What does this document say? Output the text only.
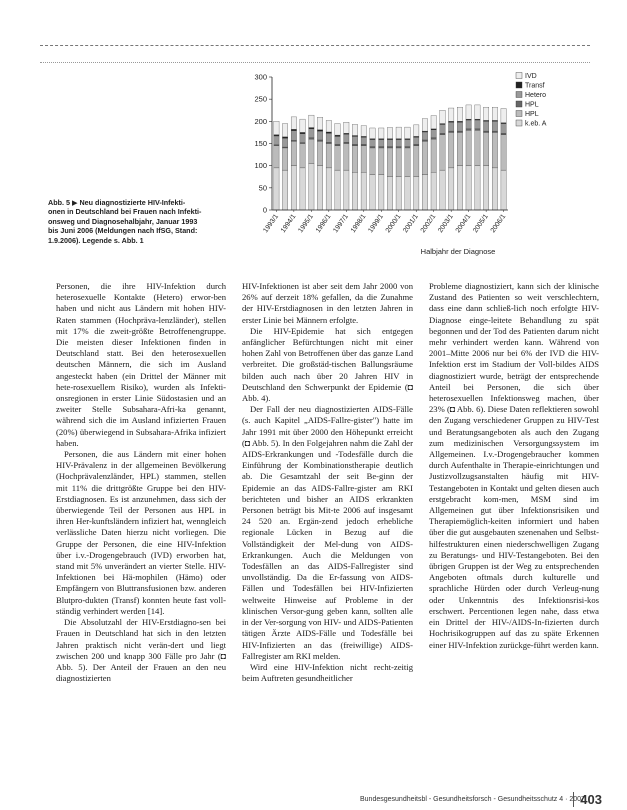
Abb. 5 ▶ Neu diagnostizierte HIV-Infekti-

onen in Deutschland bei Frauen nach Infekti-

onsweg und Diagnosehalbjahr, Januar 1993

bis Juni 2006 (Meldungen nach IfSG, Stand:

1.9.2006). Legende s. Abb. 1

0
50
100
150
200
250
300
1993/1 1994/1 1995/1 1996/1 1997/1 1998/1 1999/1 2000/1 2001/1 2002/1 2003/1 2004/1 2005/1 2006/1
IVD
Transf
Hetero
HPL
HPL
k.eb. A
Halbjahr der Diagnose

Personen, die ihre HIV-Infektion durch heterosexuelle Kontakte (Hetero) erwor-ben haben und nicht aus Ländern mit hohen HIV-Raten stammen (Hochpräva-lenzländer), stellen mit 17% die zweit-größte Betroffenengruppe. Die meisten dieser Infektionen finden in Deutschland statt. Bei den heterosexuellen deutschen Männern, die sich im Ausland angesteckt haben (ein Drittel der Männer mit hete-rosexuellem Risiko), wurden als Infekti-onsregionen in erster Linie Südostasien und an zweiter Stelle Subsahara-Afri-ka genannt, während sich die im Ausland infizierten Frauen (20%) überwiegend in Subsahara-Afrika infiziert haben.

Personen, die aus Ländern mit einer hohen HIV-Prävalenz in der allgemeinen Bevölkerung (Hochprävalenzländer, HPL) stammen, stellen mit 11% die drittgrößte Gruppe bei den HIV-Erstdiagnosen. Es ist anzunehmen, dass sich der überwiegende Teil der Personen aus HPL in ihren Her-kunftsländern infiziert hat, wenngleich verlässliche Daten hierzu nicht vorliegen. Die Gruppe der Personen, die eine HIV-Infektion über i.v.-Drogengebrauch (IVD) erworben hat, stand mit 5% unverändert an vierter Stelle. HIV-Infektionen bei Hä-mophilen (Hämo) oder Empfängern von Bluttransfusionen bzw. anderen Blutpro-dukten (Transf) konnten heute fast voll-ständig verhindert werden [14].

Die Absolutzahl der HIV-Erstdiagno-sen bei Frauen in Deutschland hat sich in den letzten Jahren praktisch nicht verän-dert und liegt zwischen 200 und knapp 300 Fälle pro Jahr (◘ Abb. 5). Der Anteil der Frauen an den neu diagnostizierten

HIV-Infektionen ist aber seit dem Jahr 2000 von 26% auf derzeit 18% gefallen, da die Zunahme der HIV-Erstdiagnosen in den letzten Jahren in erster Linie bei Männern erfolgte.

Die HIV-Epidemie hat sich entgegen anfänglicher Befürchtungen nicht mit einer hohen Zahl von Betroffenen über das ganze Land verbreitet. Die großstäd-tischen Ballungsräume bilden auch nach über 20 Jahren HIV in Deutschland den Schwerpunkt der Epidemie (◘ Abb. 4).

Der Fall der neu diagnostizierten AIDS-Fälle (s. auch Kapitel „AIDS-Fallre-gister") hatte im Jahr 1991 mit über 2000 den Höhepunkt erreicht (◘ Abb. 5). In den Folgejahren nahm die Zahl der AIDS-Erkrankungen und -Todesfälle durch die Einführung der Kombinationstherapie deutlich ab. Die Gesamtzahl der seit Be-ginn der Epidemie an das AIDS-Fallre-gister am RKI berichteten und bisher an AIDS erkrankten Personen beträgt bis Mit-te 2006 auf insgesamt 24 520 an. Ergän-zend jedoch erhebliche regionale Lücken in Bezug auf die Vollständigkeit der Mel-dung von AIDS-Erkrankungen. Auch die Meldungen von Todesfällen an das AIDS-Fallregister sind unvollständig. Da die Er-fassung von AIDS-Fällen und Todesfällen bei HIV-Infizierten weltweite Hinweise auf Probleme in der klinischen Versor-gung geben kann, sollten alle in der Ver-sorgung von HIV- und AIDS-Patienten tätigen Ärzte AIDS-Fälle und Todesfälle bei HIV-Infizierten an das (freiwillige) AIDS-Fallregister am RKI melden.

Wird eine HIV-Infektion nicht recht-zeitig beim Auftreten gesundheitlicher

Probleme diagnostiziert, kann sich der klinische Zustand des Patienten so weit verschlechtern, dass eine dann schließ-lich noch erfolgte HIV-Diagnose einge-leitete Behandlung zu spät begonnen und der Tod des Patienten darum nicht mehr verhindert werden kann. Während von 2001–Mitte 2006 nur bei 6% der IVD die HIV-Infektion erst im Stadium der Voll-bildes AIDS diagnostiziert wurde, beträgt der entsprechende Anteil bei Personen, die sich über heterosexuellen Infektionsweg machen, über 23% (◘ Abb. 6). Diese Daten reflektieren sowohl den Zugang verschiedener Gruppen zu HIV-Test und Beratungsangeboten als auch den Zugang zum medizinischen Versorgungssystem im Allgemeinen. I.v.-Drogengebraucher kommen durch Aufenthalte in Therapie-einrichtungen und Justizvollzugsanstalten häufig mit HIV-Testangeboten in Kontakt und gelten diesen auch erstgebracht kom-men, MSM sind im Allgemeinen gut über Infektionsrisiken und Therapiemöglich-keiten informiert und haben über die gut ausgebauten szenenahen und Selbst-hilfestrukturen einen niederschwelligen Zugang zu Beratungs- und HIV-Testangeboten. Bei den übrigen Gruppen ist der Weg zu entsprechenden Angeboten oftmals durch kulturelle und sprachliche Hürden oder durch Verleug-nung oder Unkenntnis des Infektionsrisi-kos erschwert. Percentionen legen nahe, dass etwa ein Drittel der HIV-/AIDS-In-fizierten durch Hochrisikogruppen auf das zu späte Erkennen einer HIV-Infektion zurückge-führt werden kann.

Bundesgesundheitsbl - Gesundheitsforsch - Gesundheitsschutz 4 · 2007
403
